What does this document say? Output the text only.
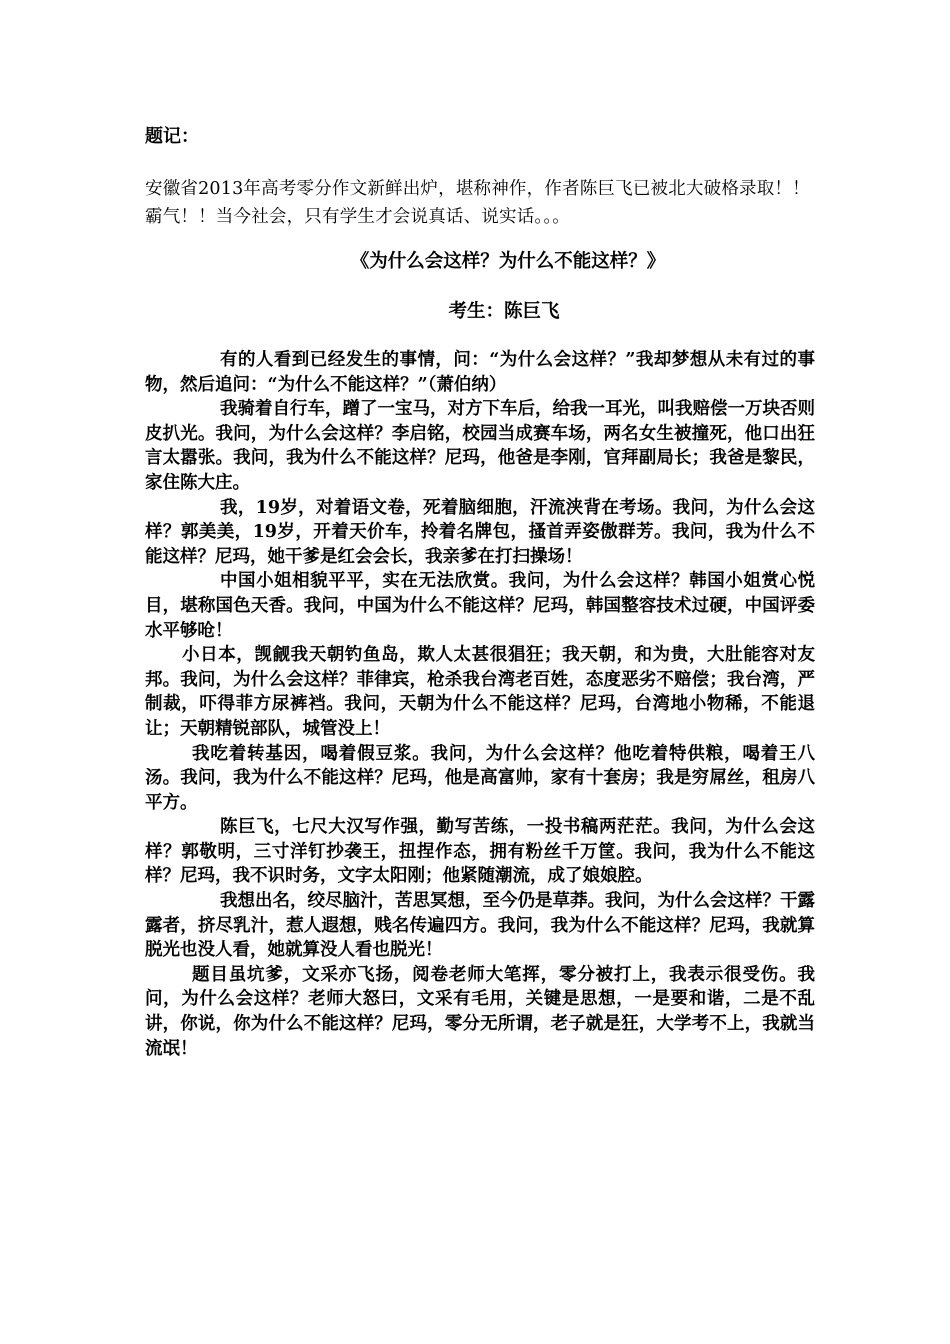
题记：

安徽省2013年高考零分作文新鲜出炉，堪称神作，作者陈巨飞已被北大破格录取！！霸气！！当今社会，只有学生才会说真话、说实话。。。

《为什么会这样？为什么不能这样？》

考生：陈巨飞

有的人看到已经发生的事情，问：“为什么会这样？”我却梦想从未有过的事物，然后追问：“为什么不能这样？”（萧伯纳）

我骑着自行车，蹭了一宝马，对方下车后，给我一耳光，叫我赔偿一万块否则皮扒光。我问，为什么会这样？李启铭，校园当成赛车场，两名女生被撞死，他口出狂言太嚣张。我问，我为什么不能这样？尼玛，他爸是李刚，官拜副局长；我爸是黎民，家住陈大庄。

我，19岁，对着语文卷，死着脑细胞，汗流浃背在考场。我问，为什么会这样？郭美美，19岁，开着天价车，拎着名牌包，搔首弄姿傲群芳。我问，我为什么不能这样？尼玛，她干爹是红会会长，我亲爹在打扫操场！

中国小姐相貌平平，实在无法欣赏。我问，为什么会这样？韩国小姐赏心悦目，堪称国色天香。我问，中国为什么不能这样？尼玛，韩国整容技术过硬，中国评委水平够呛！

小日本，觊觎我天朝钓鱼岛，欺人太甚很猖狂；我天朝，和为贵，大肚能容对友邦。我问，为什么会这样？菲律宾，枪杀我台湾老百姓，态度恶劣不赔偿；我台湾，严制裁，吓得菲方尿裤裆。我问，天朝为什么不能这样？尼玛，台湾地小物稀，不能退让；天朝精锐部队，城管没上！

我吃着转基因，喝着假豆浆。我问，为什么会这样？他吃着特供粮，喝着王八汤。我问，我为什么不能这样？尼玛，他是高富帅，家有十套房；我是穷屌丝，租房八平方。

陈巨飞，七尺大汉写作强，勤写苦练，一投书稿两茫茫。我问，为什么会这样？郭敬明，三寸洋钉抄袭王，扭捏作态，拥有粉丝千万筐。我问，我为什么不能这样？尼玛，我不识时务，文字太阳刚；他紧随潮流，成了娘娘腔。

我想出名，绞尽脑汁，苦思冥想，至今仍是草莽。我问，为什么会这样？干露露者，挤尽乳汁，惹人遐想，贱名传遍四方。我问，我为什么不能这样？尼玛，我就算脱光也没人看，她就算没人看也脱光！

题目虽坑爹，文采亦飞扬，阅卷老师大笔挥，零分被打上，我表示很受伤。我问，为什么会这样？老师大怒曰，文采有毛用，关键是思想，一是要和谐，二是不乱讲，你说，你为什么不能这样？尼玛，零分无所谓，老子就是狂，大学考不上，我就当流氓！
